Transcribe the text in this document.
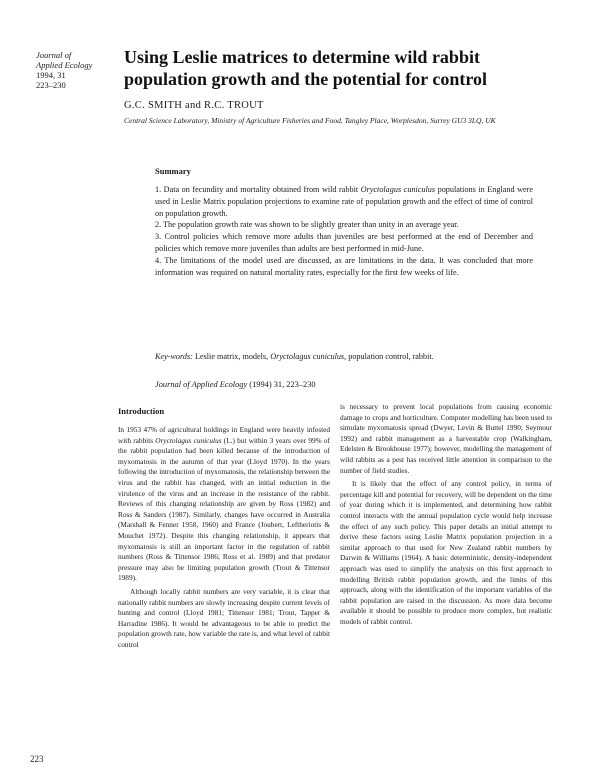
Journal of
Applied Ecology
1994, 31
223–230
Using Leslie matrices to determine wild rabbit
population growth and the potential for control
G.C. SMITH and R.C. TROUT
Central Science Laboratory, Ministry of Agriculture Fisheries and Food, Tangley Place, Worplesdon, Surrey GU3 3LQ, UK
Summary

1. Data on fecundity and mortality obtained from wild rabbit Oryctolagus cuniculus populations in England were used in Leslie Matrix population projections to examine rate of population growth and the effect of time of control on population growth.

2. The population growth rate was shown to be slightly greater than unity in an average year.

3. Control policies which remove more adults than juveniles are best performed at the end of December and policies which remove more juveniles than adults are best performed in mid-June.

4. The limitations of the model used are discussed, as are limitations in the data. It was concluded that more information was required on natural mortality rates, especially for the first few weeks of life.

Key-words: Leslie matrix, models, Oryctolagus cuniculus, population control, rabbit.
Journal of Applied Ecology (1994) 31, 223–230
Introduction

In 1953 47% of agricultural holdings in England were heavily infested with rabbits Oryctolagus cuniculus (L.) but within 3 years over 99% of the rabbit population had been killed because of the introduction of myxomatosis in the autumn of that year (Lloyd 1970). In the years following the introduction of myxomatosis, the relationship between the virus and the rabbit has changed, with an initial reduction in the virulence of the virus and an increase in the resistance of the rabbit. Reviews of this changing relationship are given by Ross (1982) and Ross & Sanders (1987). Similarly, changes have occurred in Australia (Marshall & Fenner 1958, 1960) and France (Joubert, Leftheriotis & Mouchet 1972). Despite this changing relationship, it appears that myxomatosis is still an important factor in the regulation of rabbit numbers (Ross & Tittensor 1986; Ross et al. 1989) and that predator pressure may also be limiting population growth (Trout & Tittensor 1989).

Although locally rabbit numbers are very variable, it is clear that nationally rabbit numbers are slowly increasing despite current levels of hunting and control (Lloyd 1981; Tittensor 1981; Trout, Tapper & Harradine 1986). It would be advantageous to be able to predict the population growth rate, how variable the rate is, and what level of rabbit control

is necessary to prevent local populations from causing economic damage to crops and horticulture. Computer modelling has been used to simulate myxomatosis spread (Dwyer, Levin & Buttel 1990; Seymour 1992) and rabbit management as a harvestable crop (Walkingham, Edelsten & Brookhouse 1977); however, modelling the management of wild rabbits as a pest has received little attention in comparison to the number of field studies.

It is likely that the effect of any control policy, in terms of percentage kill and potential for recovery, will be dependent on the time of year during which it is implemented, and determining how rabbit control interacts with the annual population cycle would help increase the effect of any such policy. This paper details an initial attempt to derive these factors using Leslie Matrix population projection in a similar approach to that used for New Zealand rabbit numbers by Darwin & Williams (1964). A basic deterministic, density-independent approach was used to simplify the analysis on this first approach to modelling British rabbit population growth, and the limits of this approach, along with the identification of the important variables of the rabbit population are raised in the discussion. As more data become available it should be possible to produce more complex, but realistic models of rabbit control.

223
